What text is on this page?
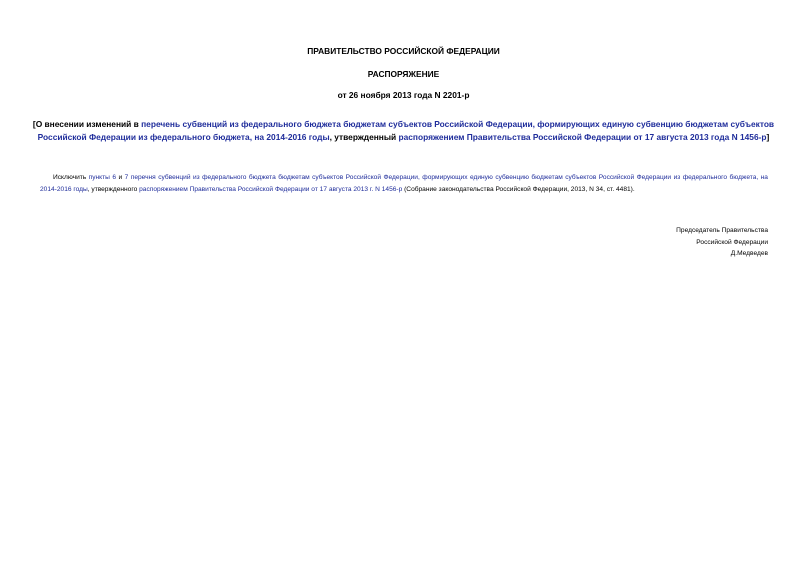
ПРАВИТЕЛЬСТВО РОССИЙСКОЙ ФЕДЕРАЦИИ

РАСПОРЯЖЕНИЕ

от 26 ноября 2013 года N 2201-р

[О внесении изменений в перечень субвенций из федерального бюджета бюджетам субъектов Российской Федерации, формирующих единую субвенцию бюджетам субъектов Российской Федерации из федерального бюджета, на 2014-2016 годы, утвержденный распоряжением Правительства Российской Федерации от 17 августа 2013 года N 1456-р]

Исключить пункты 6 и 7 перечня субвенций из федерального бюджета бюджетам субъектов Российской Федерации, формирующих единую субвенцию бюджетам субъектов Российской Федерации из федерального бюджета, на 2014-2016 годы, утвержденного распоряжением Правительства Российской Федерации от 17 августа 2013 г. N 1456-р (Собрание законодательства Российской Федерации, 2013, N 34, ст. 4481).

Председатель Правительства
Российской Федерации
Д.Медведев
